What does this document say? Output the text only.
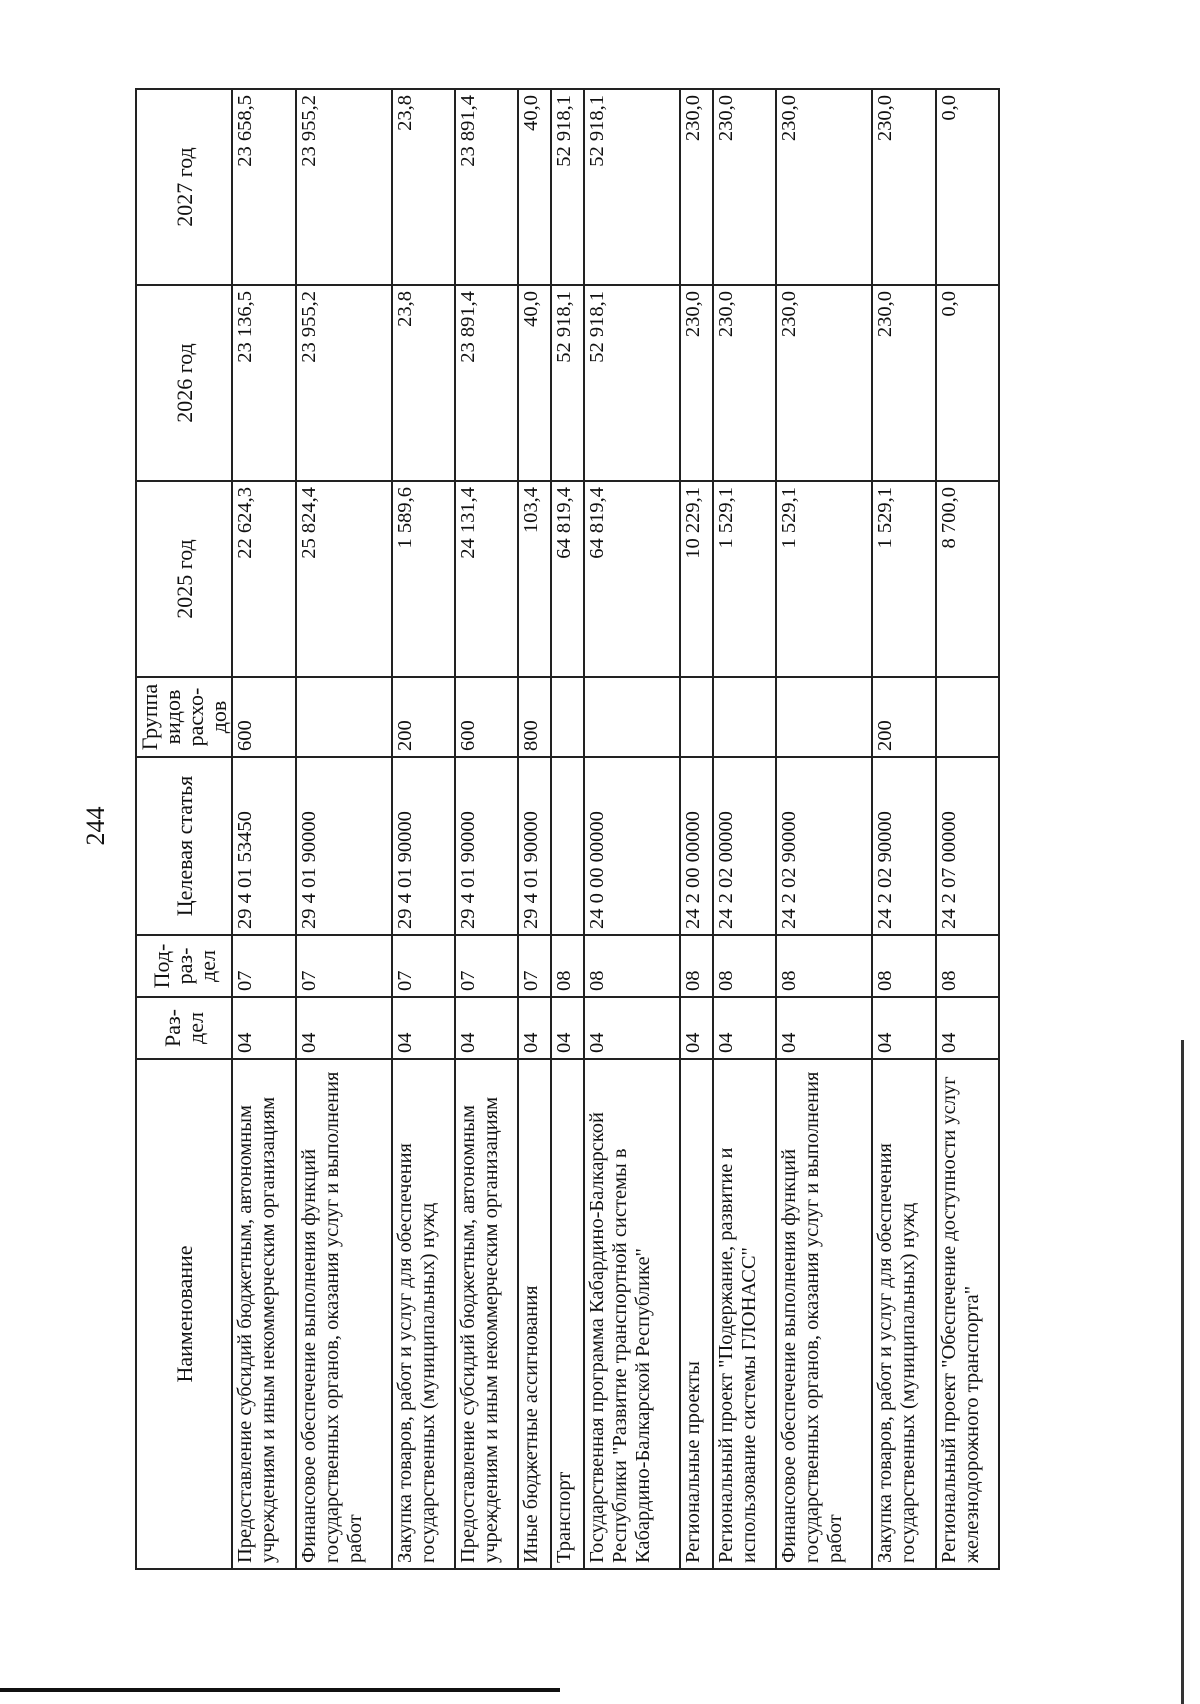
244
Наименование	Раз-дел	Под-раз-дел	Целевая статья	Группа видов расхо-дов	2025 год	2026 год	2027 год
Предоставление субсидий бюджетным, автономным учреждениям и иным некоммерческим организациям	04	07	29 4 01 53450	600	22 624,3	23 136,5	23 658,5
Финансовое обеспечение выполнения функций государственных органов, оказания услуг и выполнения работ	04	07	29 4 01 90000		25 824,4	23 955,2	23 955,2
Закупка товаров, работ и услуг для обеспечения государственных (муниципальных) нужд	04	07	29 4 01 90000	200	1 589,6	23,8	23,8
Предоставление субсидий бюджетным, автономным учреждениям и иным некоммерческим организациям	04	07	29 4 01 90000	600	24 131,4	23 891,4	23 891,4
Иные бюджетные ассигнования	04	07	29 4 01 90000	800	103,4	40,0	40,0
Транспорт	04	08			64 819,4	52 918,1	52 918,1
Государственная программа Кабардино-Балкарской Республики "Развитие транспортной системы в Кабардино-Балкарской Республике"	04	08	24 0 00 00000		64 819,4	52 918,1	52 918,1
Региональные проекты	04	08	24 2 00 00000		10 229,1	230,0	230,0
Региональный проект "Подержание, развитие и использование системы ГЛОНАСС"	04	08	24 2 02 00000		1 529,1	230,0	230,0
Финансовое обеспечение выполнения функций государственных органов, оказания услуг и выполнения работ	04	08	24 2 02 90000		1 529,1	230,0	230,0
Закупка товаров, работ и услуг для обеспечения государственных (муниципальных) нужд	04	08	24 2 02 90000	200	1 529,1	230,0	230,0
Региональный проект "Обеспечение доступности услуг железнодорожного транспорта"	04	08	24 2 07 00000		8 700,0	0,0	0,0
